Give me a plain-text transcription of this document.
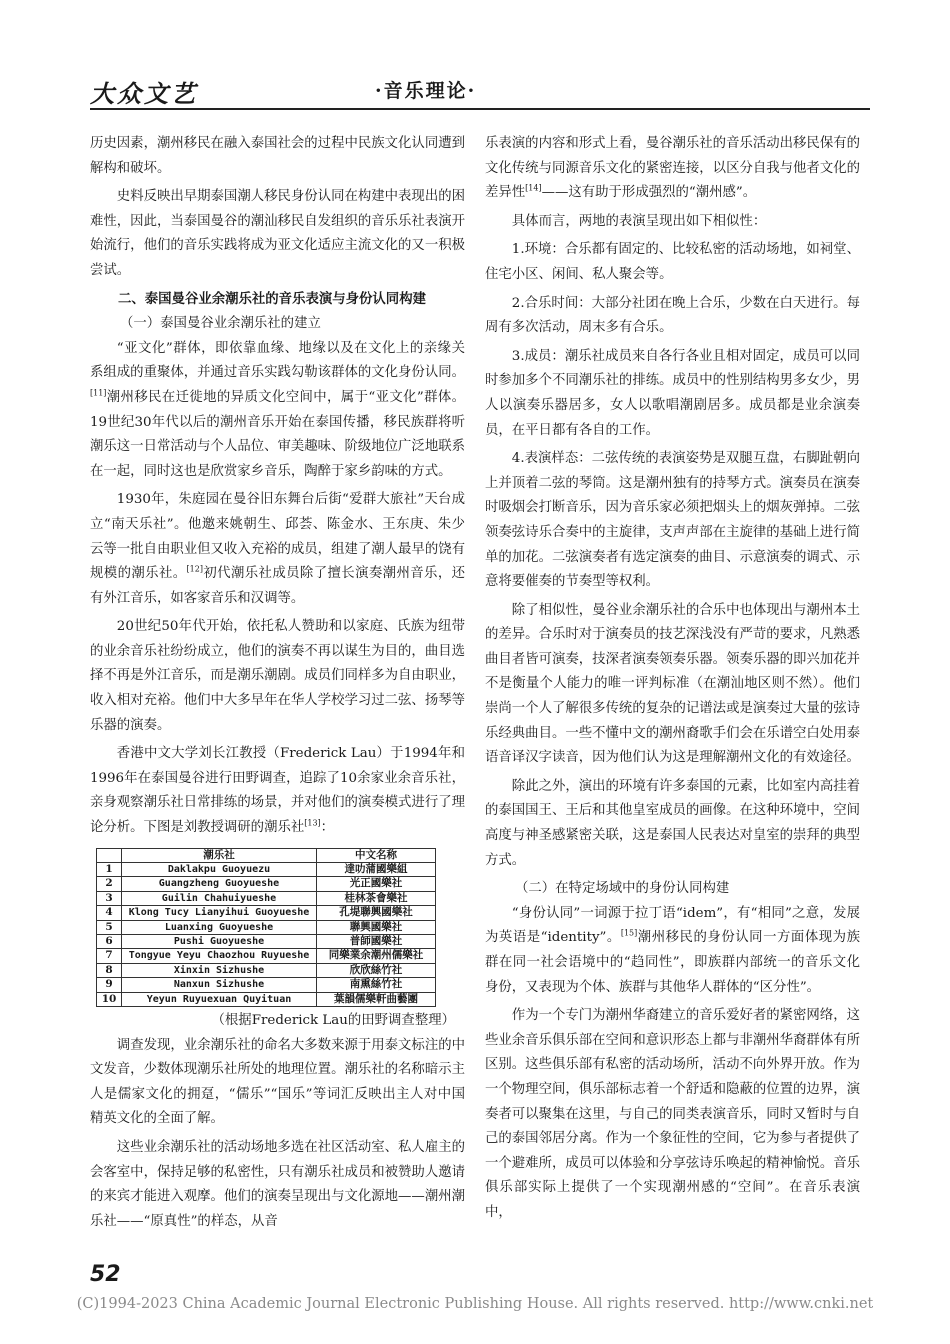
大众文艺	·音乐理论·

历史因素，潮州移民在融入泰国社会的过程中民族文化认同遭到解构和破坏。

史料反映出早期泰国潮人移民身份认同在构建中表现出的困难性，因此，当泰国曼谷的潮汕移民自发组织的音乐乐社表演开始流行，他们的音乐实践将成为亚文化适应主流文化的又一积极尝试。

二、泰国曼谷业余潮乐社的音乐表演与身份认同构建

（一）泰国曼谷业余潮乐社的建立

“亚文化”群体，即依靠血缘、地缘以及在文化上的亲缘关系组成的重聚体，并通过音乐实践勾勒该群体的文化身份认同。[11]潮州移民在迁徙地的异质文化空间中，属于“亚文化”群体。19世纪30年代以后的潮州音乐开始在泰国传播，移民族群将听潮乐这一日常活动与个人品位、审美趣味、阶级地位广泛地联系在一起，同时这也是欣赏家乡音乐，陶醉于家乡韵味的方式。

1930年，朱庭园在曼谷旧东舞台后街“爱群大旅社”天台成立“南天乐社”。他邀来姚朝生、邱荟、陈金水、王东庚、朱少云等一批自由职业但又收入充裕的成员，组建了潮人最早的饶有规模的潮乐社。[12]初代潮乐社成员除了擅长演奏潮州音乐，还有外江音乐，如客家音乐和汉调等。

20世纪50年代开始，依托私人赞助和以家庭、氏族为纽带的业余音乐社纷纷成立，他们的演奏不再以谋生为目的，曲目选择不再是外江音乐，而是潮乐潮剧。成员们同样多为自由职业，收入相对充裕。他们中大多早年在华人学校学习过二弦、扬琴等乐器的演奏。

香港中文大学刘长江教授（Frederick Lau）于1994年和1996年在泰国曼谷进行田野调查，追踪了10余家业余音乐社，亲身观察潮乐社日常排练的场景，并对他们的演奏模式进行了理论分析。下图是刘教授调研的潮乐社[13]：

	潮乐社	中文名称
1	Daklakpu Guoyuezu	達叻蒲國樂組
2	Guangzheng Guoyueshe	光正國樂社
3	Guilin Chahuiyueshe	桂林茶會樂社
4	Klong Tucy Lianyihui Guoyueshe	孔堤聯興國樂社
5	Luanxing Guoyueshe	聯興國樂社
6	Pushi Guoyueshe	普師國樂社
7	Tongyue Yeyu Chaozhou Ruyueshe	同樂業余潮州儒樂社
8	Xinxin Sizhushe	欣欣絲竹社
9	Nanxun Sizhushe	南熏絲竹社
10	Yeyun Ruyuexuan Quyituan	葉韻儒樂軒曲藝團

（根据Frederick Lau的田野调查整理）

调查发现，业余潮乐社的命名大多数来源于用泰文标注的中文发音，少数体现潮乐社所处的地理位置。潮乐社的名称暗示主人是儒家文化的拥趸，“儒乐”“国乐”等词汇反映出主人对中国精英文化的全面了解。

这些业余潮乐社的活动场地多选在社区活动室、私人雇主的会客室中，保持足够的私密性，只有潮乐社成员和被赞助人邀请的来宾才能进入观摩。他们的演奏呈现出与文化源地——潮州潮乐社——“原真性”的样态，从音

乐表演的内容和形式上看，曼谷潮乐社的音乐活动出移民保有的文化传统与同源音乐文化的紧密连接，以区分自我与他者文化的差异性[14]——这有助于形成强烈的“潮州感”。

具体而言，两地的表演呈现出如下相似性：

1.环境：合乐都有固定的、比较私密的活动场地，如祠堂、住宅小区、闲间、私人聚会等。

2.合乐时间：大部分社团在晚上合乐，少数在白天进行。每周有多次活动，周末多有合乐。

3.成员：潮乐社成员来自各行各业且相对固定，成员可以同时参加多个不同潮乐社的排练。成员中的性别结构男多女少，男人以演奏乐器居多，女人以歌唱潮剧居多。成员都是业余演奏员，在平日都有各自的工作。

4.表演样态：二弦传统的表演姿势是双腿互盘，右脚趾朝向上并顶着二弦的琴筒。这是潮州独有的持琴方式。演奏员在演奏时吸烟会打断音乐，因为音乐家必须把烟头上的烟灰弹掉。二弦领奏弦诗乐合奏中的主旋律，支声声部在主旋律的基础上进行简单的加花。二弦演奏者有选定演奏的曲目、示意演奏的调式、示意将要催奏的节奏型等权利。

除了相似性，曼谷业余潮乐社的合乐中也体现出与潮州本土的差异。合乐时对于演奏员的技艺深浅没有严苛的要求，凡熟悉曲目者皆可演奏，技深者演奏领奏乐器。领奏乐器的即兴加花并不是衡量个人能力的唯一评判标准（在潮汕地区则不然）。他们崇尚一个人了解很多传统的复杂的记谱法或是演奏过大量的弦诗乐经典曲目。一些不懂中文的潮州裔歌手们会在乐谱空白处用泰语音译汉字读音，因为他们认为这是理解潮州文化的有效途径。

除此之外，演出的环境有许多泰国的元素，比如室内高挂着的泰国国王、王后和其他皇室成员的画像。在这种环境中，空间高度与神圣感紧密关联，这是泰国人民表达对皇室的崇拜的典型方式。

（二）在特定场域中的身份认同构建

“身份认同”一词源于拉丁语“idem”，有“相同”之意，发展为英语是“identity”。[15]潮州移民的身份认同一方面体现为族群在同一社会语境中的“趋同性”，即族群内部统一的音乐文化身份，又表现为个体、族群与其他华人群体的“区分性”。

作为一个专门为潮州华裔建立的音乐爱好者的紧密网络，这些业余音乐俱乐部在空间和意识形态上都与非潮州华裔群体有所区别。这些俱乐部有私密的活动场所，活动不向外界开放。作为一个物理空间，俱乐部标志着一个舒适和隐蔽的位置的边界，演奏者可以聚集在这里，与自己的同类表演音乐，同时又暂时与自己的泰国邻居分离。作为一个象征性的空间，它为参与者提供了一个避难所，成员可以体验和分享弦诗乐唤起的精神愉悦。音乐俱乐部实际上提供了一个实现潮州感的“空间”。在音乐表演中，

52
(C)1994-2023 China Academic Journal Electronic Publishing House. All rights reserved. http://www.cnki.net
